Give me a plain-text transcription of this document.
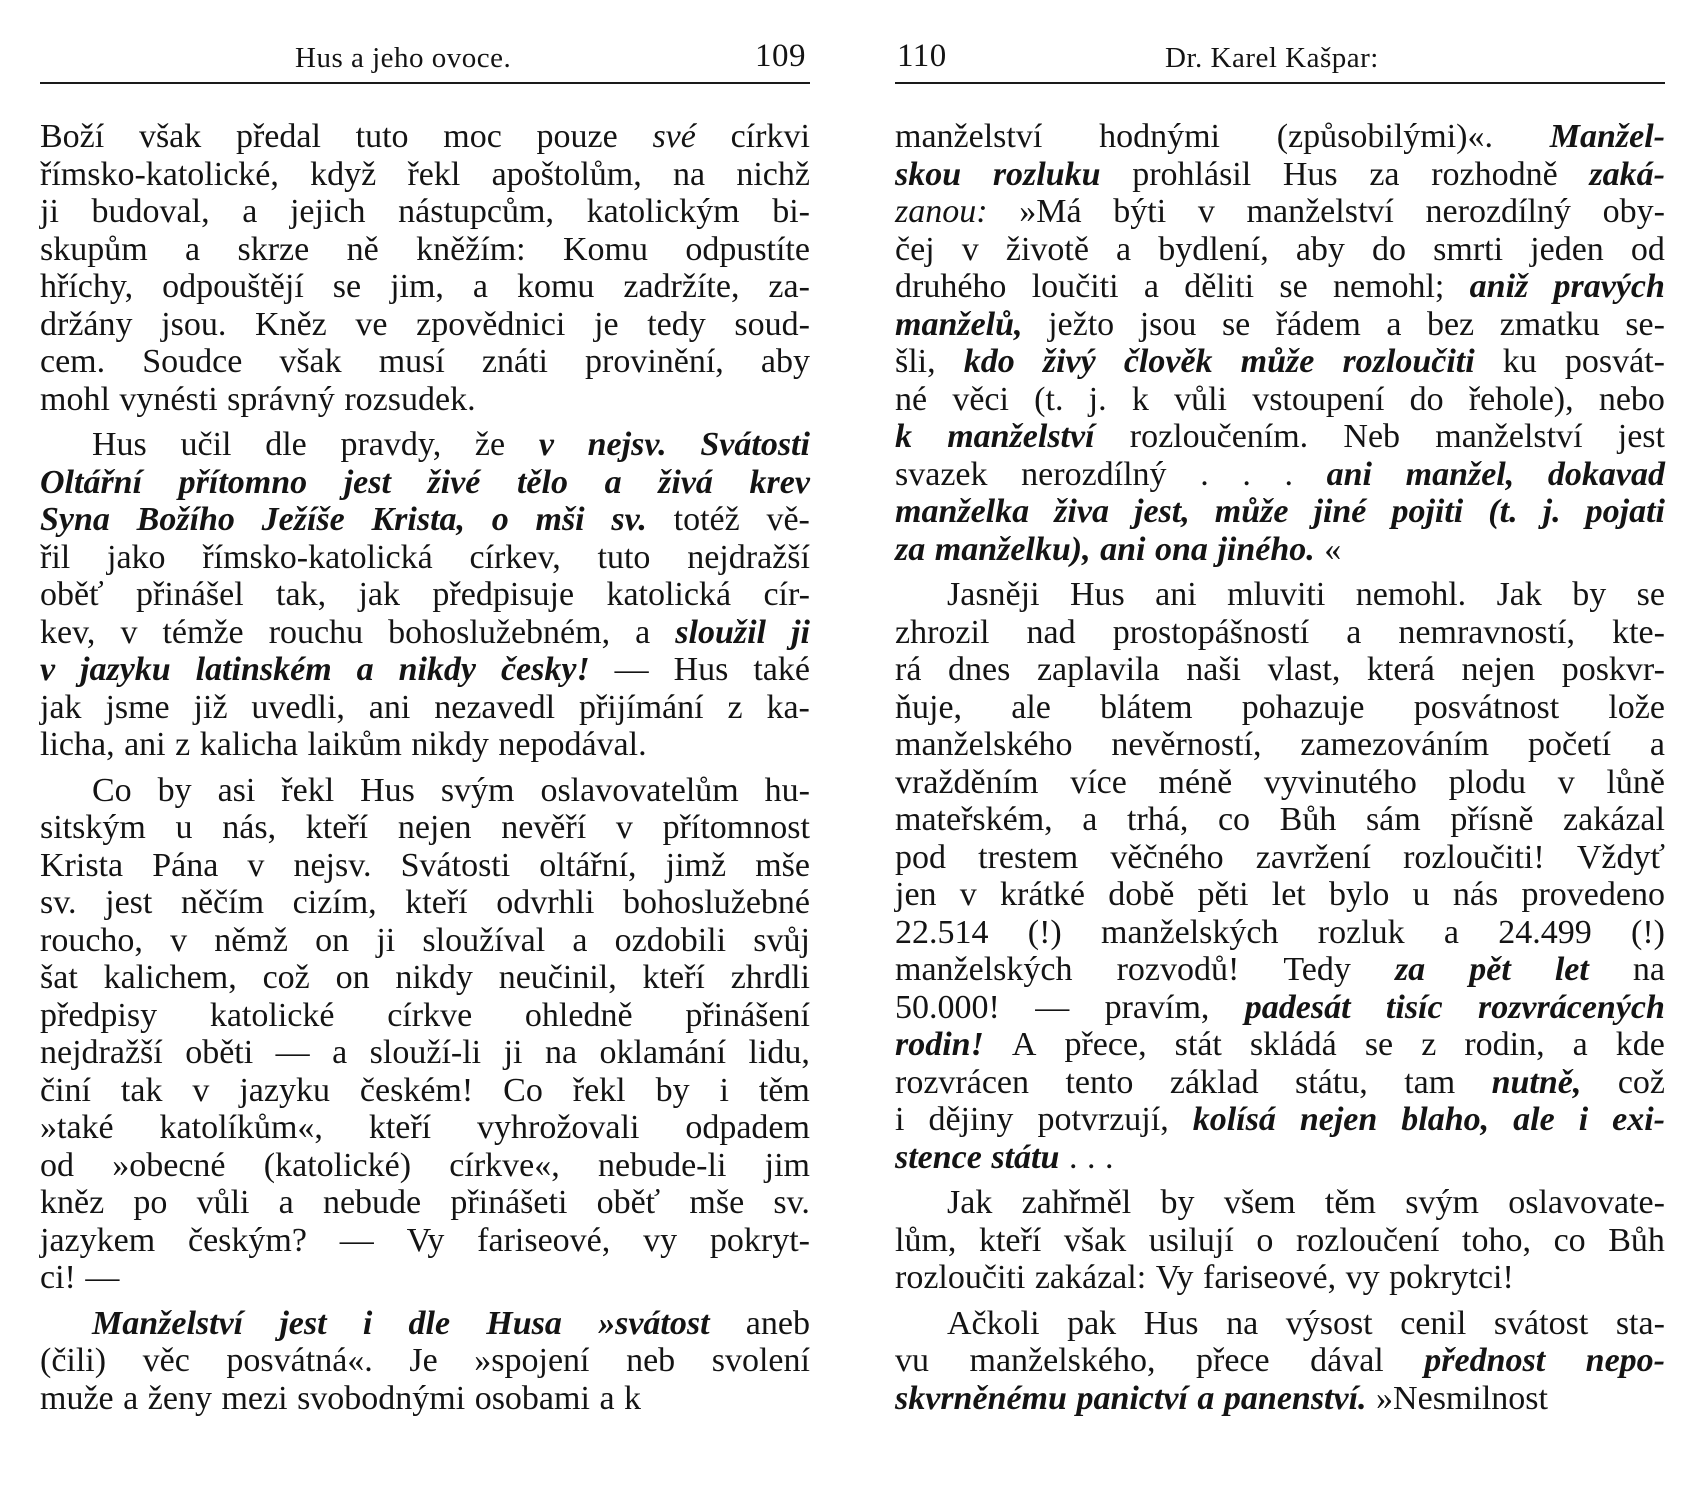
Hus a jeho ovoce.	109
Boží však předal tuto moc pouze své církvi
římsko-katolické, když řekl apoštolům, na nichž
ji budoval, a jejich nástupcům, katolickým bi-
skupům a skrze ně kněžím: Komu odpustíte
hříchy, odpouštějí se jim, a komu zadržíte, za-
držány jsou. Kněz ve zpovědnici je tedy soud-
cem. Soudce však musí znáti provinění, aby
mohl vynésti správný rozsudek.
Hus učil dle pravdy, že v nejsv. Svátosti
Oltářní přítomno jest živé tělo a živá krev
Syna Božího Ježíše Krista, o mši sv. totéž vě-
řil jako římsko-katolická církev, tuto nejdražší
oběť přinášel tak, jak předpisuje katolická cír-
kev, v témže rouchu bohoslužebném, a sloužil ji
v jazyku latinském a nikdy česky! — Hus také
jak jsme již uvedli, ani nezavedl přijímání z ka-
licha, ani z kalicha laikům nikdy nepodával.
Co by asi řekl Hus svým oslavovatelům hu-
sitským u nás, kteří nejen nevěří v přítomnost
Krista Pána v nejsv. Svátosti oltářní, jimž mše
sv. jest něčím cizím, kteří odvrhli bohoslužebné
roucho, v němž on ji sloužíval a ozdobili svůj
šat kalichem, což on nikdy neučinil, kteří zhrdli
předpisy katolické církve ohledně přinášení
nejdražší oběti — a slouží-li ji na oklamání lidu,
činí tak v jazyku českém! Co řekl by i těm
»také katolíkům«, kteří vyhrožovali odpadem
od »obecné (katolické) církve«, nebude-li jim
kněz po vůli a nebude přinášeti oběť mše sv.
jazykem českým? — Vy fariseové, vy pokryt-
ci! —
Manželství jest i dle Husa »svátost aneb
(čili) věc posvátná«. Je »spojení neb svolení
muže a ženy mezi svobodnými osobami a k
110	Dr. Karel Kašpar:
manželství hodnými (způsobilými)«. Manžel-
skou rozluku prohlásil Hus za rozhodně zaká-
zanou: »Má býti v manželství nerozdílný oby-
čej v životě a bydlení, aby do smrti jeden od
druhého loučiti a děliti se nemohl; aniž pravých
manželů, ježto jsou se řádem a bez zmatku se-
šli, kdo živý člověk může rozloučiti ku posvát-
né věci (t. j. k vůli vstoupení do řehole), nebo
k manželství rozloučením. Neb manželství jest
svazek nerozdílný . . . ani manžel, dokavad
manželka živa jest, může jiné pojiti (t. j. pojati
za manželku), ani ona jiného. «
Jasněji Hus ani mluviti nemohl. Jak by se
zhrozil nad prostopášností a nemravností, kte-
rá dnes zaplavila naši vlast, která nejen poskvr-
ňuje, ale blátem pohazuje posvátnost lože
manželského nevěrností, zamezováním početí a
vražděním více méně vyvinutého plodu v lůně
mateřském, a trhá, co Bůh sám přísně zakázal
pod trestem věčného zavržení rozloučiti! Vždyť
jen v krátké době pěti let bylo u nás provedeno
22.514 (!) manželských rozluk a 24.499 (!)
manželských rozvodů! Tedy za pět let na
50.000! — pravím, padesát tisíc rozvrácených
rodin! A přece, stát skládá se z rodin, a kde
rozvrácen tento základ státu, tam nutně, což
i dějiny potvrzují, kolísá nejen blaho, ale i exi-
stence státu . . .
Jak zahřměl by všem těm svým oslavovate-
lům, kteří však usilují o rozloučení toho, co Bůh
rozloučiti zakázal: Vy fariseové, vy pokrytci!
Ačkoli pak Hus na výsost cenil svátost sta-
vu manželského, přece dával přednost nepo-
skvrněnému panictví a panenství. »Nesmilnost
